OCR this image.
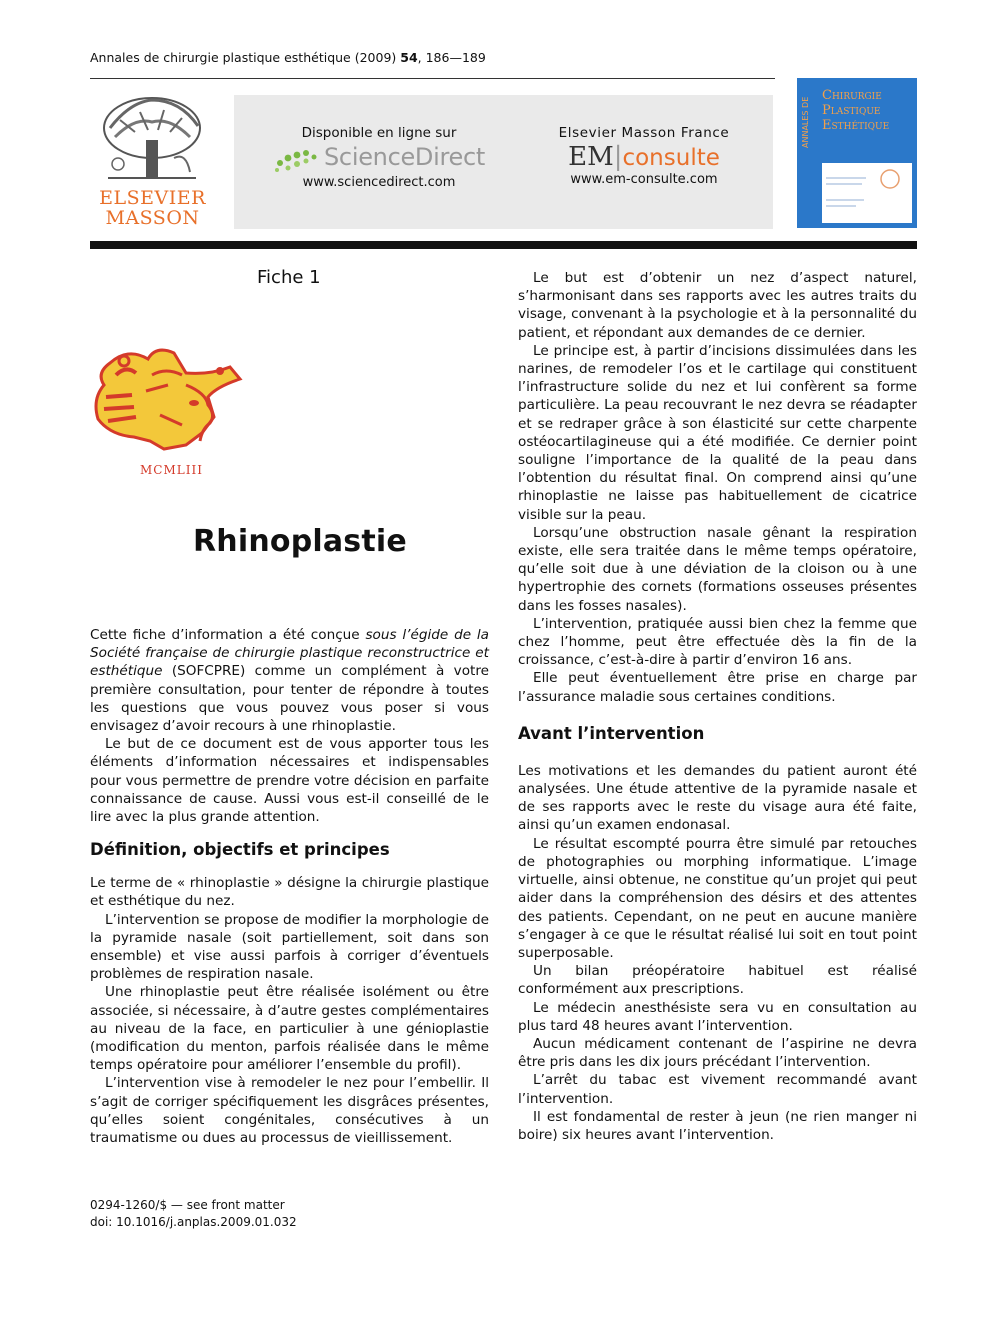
Annales de chirurgie plastique esthétique (2009) 54, 186—189
ELSEVIER
MASSON
Disponible en ligne sur
ScienceDirect
www.sciencedirect.com
Elsevier Masson France
EM|consulte
www.em-consulte.com
ANNALES DE
Chirurgie
Plastique
Esthétique
Fiche 1
MCMLIII
Rhinoplastie

Cette fiche d’information a été conçue sous l’égide de la Société française de chirurgie plastique reconstructrice et esthétique (SOFCPRE) comme un complément à votre première consultation, pour tenter de répondre à toutes les questions que vous pouvez vous poser si vous envisagez d’avoir recours à une rhinoplastie.

Le but de ce document est de vous apporter tous les éléments d’information nécessaires et indispensables pour vous permettre de prendre votre décision en parfaite connaissance de cause. Aussi vous est-il conseillé de le lire avec la plus grande attention.

Définition, objectifs et principes

Le terme de « rhinoplastie » désigne la chirurgie plastique et esthétique du nez.

L’intervention se propose de modifier la morphologie de la pyramide nasale (soit partiellement, soit dans son ensemble) et vise aussi parfois à corriger d’éventuels problèmes de respiration nasale.

Une rhinoplastie peut être réalisée isolément ou être associée, si nécessaire, à d’autre gestes complémentaires au niveau de la face, en particulier à une génioplastie (modification du menton, parfois réalisée dans le même temps opératoire pour améliorer l’ensemble du profil).

L’intervention vise à remodeler le nez pour l’embellir. Il s’agit de corriger spécifiquement les disgrâces présentes, qu’elles soient congénitales, consécutives à un traumatisme ou dues au processus de vieillissement.

Le but est d’obtenir un nez d’aspect naturel, s’harmonisant dans ses rapports avec les autres traits du visage, convenant à la psychologie et à la personnalité du patient, et répondant aux demandes de ce dernier.

Le principe est, à partir d’incisions dissimulées dans les narines, de remodeler l’os et le cartilage qui constituent l’infrastructure solide du nez et lui confèrent sa forme particulière. La peau recouvrant le nez devra se réadapter et se redraper grâce à son élasticité sur cette charpente ostéocartilagineuse qui a été modifiée. Ce dernier point souligne l’importance de la qualité de la peau dans l’obtention du résultat final. On comprend ainsi qu’une rhinoplastie ne laisse pas habituellement de cicatrice visible sur la peau.

Lorsqu’une obstruction nasale gênant la respiration existe, elle sera traitée dans le même temps opératoire, qu’elle soit due à une déviation de la cloison ou à une hypertrophie des cornets (formations osseuses présentes dans les fosses nasales).

L’intervention, pratiquée aussi bien chez la femme que chez l’homme, peut être effectuée dès la fin de la croissance, c’est-à-dire à partir d’environ 16 ans.

Elle peut éventuellement être prise en charge par l’assurance maladie sous certaines conditions.

Avant l’intervention

Les motivations et les demandes du patient auront été analysées. Une étude attentive de la pyramide nasale et de ses rapports avec le reste du visage aura été faite, ainsi qu’un examen endonasal.

Le résultat escompté pourra être simulé par retouches de photographies ou morphing informatique. L’image virtuelle, ainsi obtenue, ne constitue qu’un projet qui peut aider dans la compréhension des désirs et des attentes des patients. Cependant, on ne peut en aucune manière s’engager à ce que le résultat réalisé lui soit en tout point superposable.

Un bilan préopératoire habituel est réalisé conformément aux prescriptions.

Le médecin anesthésiste sera vu en consultation au plus tard 48 heures avant l’intervention.

Aucun médicament contenant de l’aspirine ne devra être pris dans les dix jours précédant l’intervention.

L’arrêt du tabac est vivement recommandé avant l’intervention.

Il est fondamental de rester à jeun (ne rien manger ni boire) six heures avant l’intervention.

0294-1260/$ — see front matter
doi: 10.1016/j.anplas.2009.01.032
